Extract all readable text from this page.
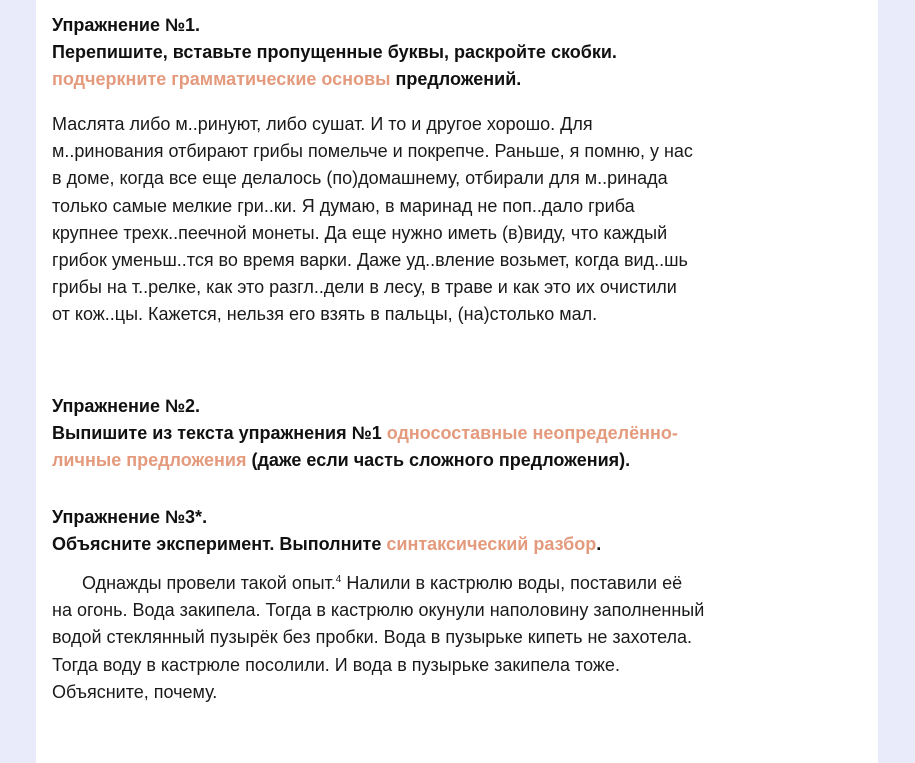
Упражнение №1.

Перепишите, вставьте пропущенные буквы, раскройте скобки.

подчеркните грамматические основы предложений.

Маслята либо м..ринуют, либо сушат. И то и другое хорошо. Для

м..ринования отбирают грибы помельче и покрепче. Раньше, я помню, у нас

в доме, когда все еще делалось (по)домашнему, отбирали для м..ринада

только самые мелкие гри..ки. Я думаю, в маринад не поп..дало гриба

крупнее трехк..пеечной монеты. Да еще нужно иметь (в)виду, что каждый

грибок уменьш..тся во время варки. Даже уд..вление возьмет, когда вид..шь

грибы на т..релке, как это разгл..дели в лесу, в траве и как это их очистили

от кож..цы. Кажется, нельзя его взять в пальцы, (на)столько мал.

Упражнение №2.

Выпишите из текста упражнения №1 односоставные неопределённо-

личные предложения (даже если часть сложного предложения).

Упражнение №3*.

Объясните эксперимент. Выполните синтаксический разбор.

Однажды провели такой опыт.$^4$ Налили в кастрюлю воды, поставили её

на огонь. Вода закипела. Тогда в кастрюлю окунули наполовину заполненный

водой стеклянный пузырёк без пробки. Вода в пузырьке кипеть не захотела.

Тогда воду в кастрюле посолили. И вода в пузырьке закипела тоже.

Объясните, почему.
